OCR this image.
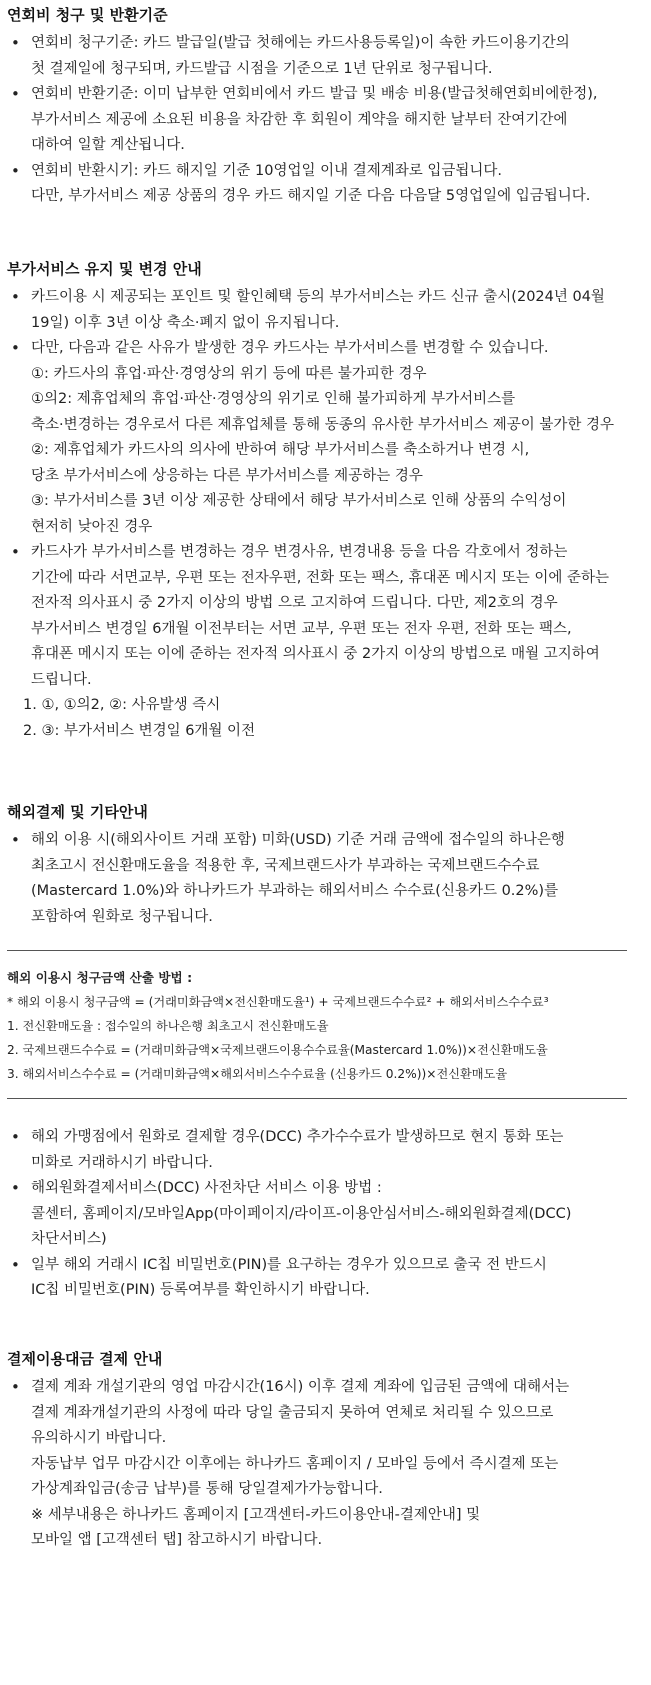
연회비 청구 및 반환기준
• 연회비 청구기준: 카드 발급일(발급 첫해에는 카드사용등록일)이 속한 카드이용기간의
첫 결제일에 청구되며, 카드발급 시점을 기준으로 1년 단위로 청구됩니다.
• 연회비 반환기준: 이미 납부한 연회비에서 카드 발급 및 배송 비용(발급첫해연회비에한정),
부가서비스 제공에 소요된 비용을 차감한 후 회원이 계약을 해지한 날부터 잔여기간에
대하여 일할 계산됩니다.
• 연회비 반환시기: 카드 해지일 기준 10영업일 이내 결제계좌로 입금됩니다.
다만, 부가서비스 제공 상품의 경우 카드 해지일 기준 다음 다음달 5영업일에 입금됩니다.
부가서비스 유지 및 변경 안내
• 카드이용 시 제공되는 포인트 및 할인혜택 등의 부가서비스는 카드 신규 출시(2024년 04월
19일) 이후 3년 이상 축소·폐지 없이 유지됩니다.
• 다만, 다음과 같은 사유가 발생한 경우 카드사는 부가서비스를 변경할 수 있습니다.
①: 카드사의 휴업·파산·경영상의 위기 등에 따른 불가피한 경우
①의2: 제휴업체의 휴업·파산·경영상의 위기로 인해 불가피하게 부가서비스를
축소·변경하는 경우로서 다른 제휴업체를 통해 동종의 유사한 부가서비스 제공이 불가한 경우
②: 제휴업체가 카드사의 의사에 반하여 해당 부가서비스를 축소하거나 변경 시,
당초 부가서비스에 상응하는 다른 부가서비스를 제공하는 경우
③: 부가서비스를 3년 이상 제공한 상태에서 해당 부가서비스로 인해 상품의 수익성이
현저히 낮아진 경우
• 카드사가 부가서비스를 변경하는 경우 변경사유, 변경내용 등을 다음 각호에서 정하는
기간에 따라 서면교부, 우편 또는 전자우편, 전화 또는 팩스, 휴대폰 메시지 또는 이에 준하는
전자적 의사표시 중 2가지 이상의 방법 으로 고지하여 드립니다. 다만, 제2호의 경우
부가서비스 변경일 6개월 이전부터는 서면 교부, 우편 또는 전자 우편, 전화 또는 팩스,
휴대폰 메시지 또는 이에 준하는 전자적 의사표시 중 2가지 이상의 방법으로 매월 고지하여
드립니다.
1. ①, ①의2, ②: 사유발생 즉시
2. ③: 부가서비스 변경일 6개월 이전
해외결제 및 기타안내
• 해외 이용 시(해외사이트 거래 포함) 미화(USD) 기준 거래 금액에 접수일의 하나은행
최초고시 전신환매도율을 적용한 후, 국제브랜드사가 부과하는 국제브랜드수수료
(Mastercard 1.0%)와 하나카드가 부과하는 해외서비스 수수료(신용카드 0.2%)를
포함하여 원화로 청구됩니다.
해외 이용시 청구금액 산출 방법 :
* 해외 이용시 청구금액 = (거래미화금액×전신환매도율¹) + 국제브랜드수수료² + 해외서비스수수료³
1. 전신환매도율 : 접수일의 하나은행 최초고시 전신환매도율
2. 국제브랜드수수료 = (거래미화금액×국제브랜드이용수수료율(Mastercard 1.0%))×전신환매도율
3. 해외서비스수수료 = (거래미화금액×해외서비스수수료율 (신용카드 0.2%))×전신환매도율
• 해외 가맹점에서 원화로 결제할 경우(DCC) 추가수수료가 발생하므로 현지 통화 또는
미화로 거래하시기 바랍니다.
• 해외원화결제서비스(DCC) 사전차단 서비스 이용 방법 :
콜센터, 홈페이지/모바일App(마이페이지/라이프-이용안심서비스-해외원화결제(DCC)
차단서비스)
• 일부 해외 거래시 IC칩 비밀번호(PIN)를 요구하는 경우가 있으므로 출국 전 반드시
IC칩 비밀번호(PIN) 등록여부를 확인하시기 바랍니다.
결제이용대금 결제 안내
• 결제 계좌 개설기관의 영업 마감시간(16시) 이후 결제 계좌에 입금된 금액에 대해서는
결제 계좌개설기관의 사정에 따라 당일 출금되지 못하여 연체로 처리될 수 있으므로
유의하시기 바랍니다.
자동납부 업무 마감시간 이후에는 하나카드 홈페이지 / 모바일 등에서 즉시결제 또는
가상계좌입금(송금 납부)를 통해 당일결제가가능합니다.
※ 세부내용은 하나카드 홈페이지 [고객센터-카드이용안내-결제안내] 및
모바일 앱 [고객센터 탭] 참고하시기 바랍니다.
